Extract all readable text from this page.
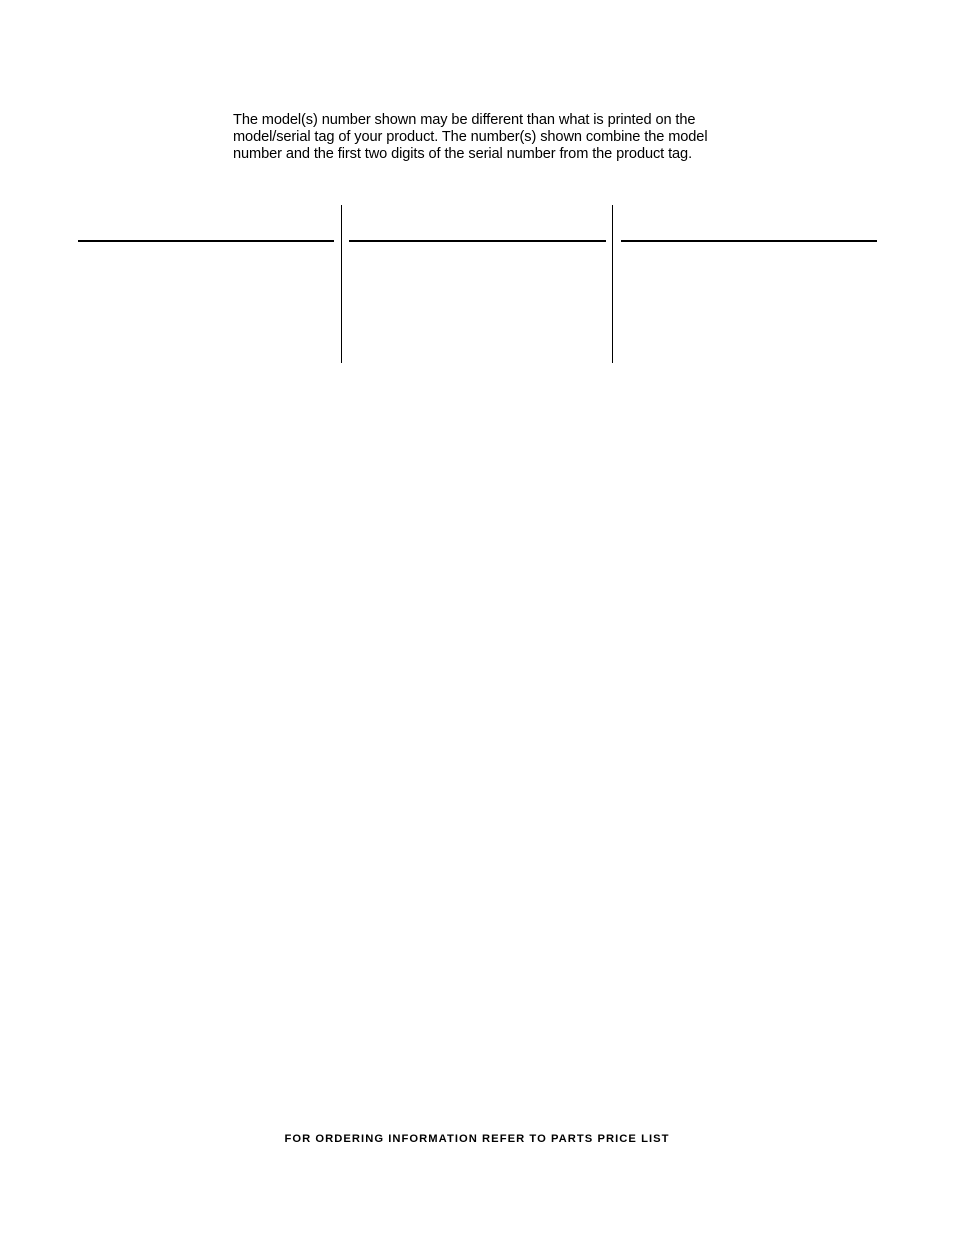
The model(s) number shown may be different than what is printed on the
model/serial tag of your product. The number(s) shown combine the model
number and the first two digits of the serial number from the product tag.

FOR ORDERING INFORMATION REFER TO PARTS PRICE LIST
